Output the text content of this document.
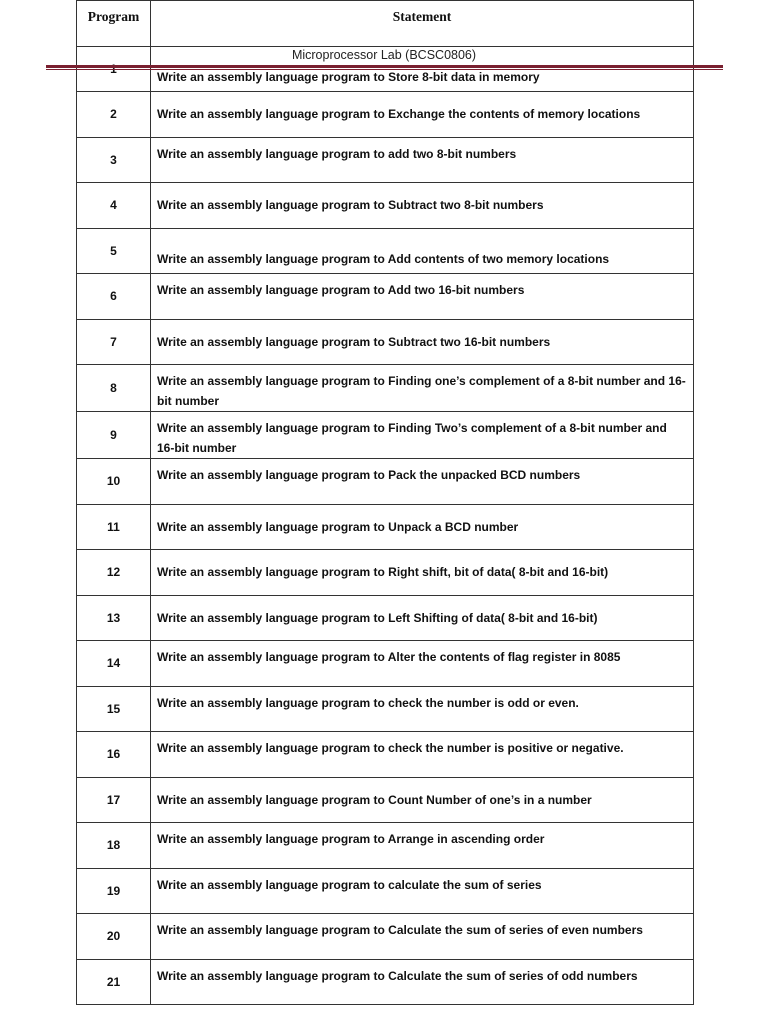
Program	Statement
1	Write an assembly language program to Store 8-bit data in memory
2	Write an assembly language program to Exchange the contents of memory locations
3	Write an assembly language program to add two 8-bit numbers
4	Write an assembly language program to Subtract two 8-bit numbers
5	Write an assembly language program to Add contents of two memory locations
6	Write an assembly language program to Add two 16-bit numbers
7	Write an assembly language program to Subtract two 16-bit numbers
8	Write an assembly language program to Finding one’s complement of a 8-bit number and 16-bit number
9	Write an assembly language program to Finding Two’s complement of a 8-bit number and 16-bit number
10	Write an assembly language program to Pack the unpacked BCD numbers
11	Write an assembly language program to Unpack a BCD number
12	Write an assembly language program to Right shift, bit of data( 8-bit and 16-bit)
13	Write an assembly language program to Left Shifting of data( 8-bit and 16-bit)
14	Write an assembly language program to Alter the contents of flag register in 8085
15	Write an assembly language program to check the number is odd or even.
16	Write an assembly language program to check the number is positive or negative.
17	Write an assembly language program to Count Number of one’s in a number
18	Write an assembly language program to Arrange in ascending order
19	Write an assembly language program to calculate the sum of series
20	Write an assembly language program to Calculate the sum of series of even numbers
21	Write an assembly language program to Calculate the sum of series of odd numbers
Microprocessor Lab (BCSC0806)
